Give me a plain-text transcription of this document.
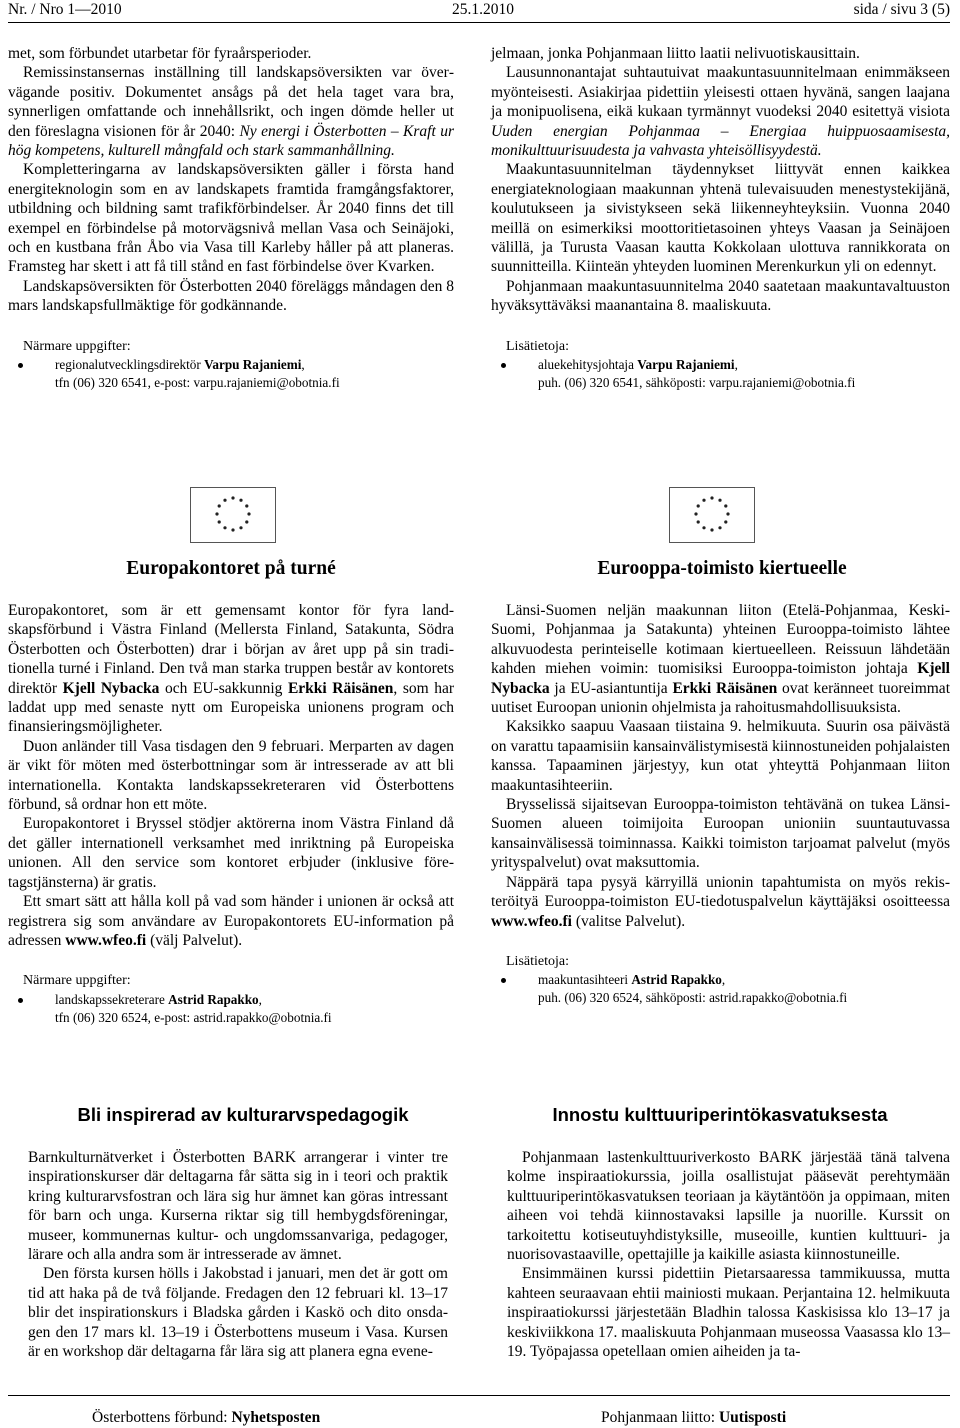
Nr. / Nro 1—2010	25.1.2010	sida / sivu 3 (5)

met, som förbundet utarbetar för fyraårsperioder.

Remissinstansernas inställning till landskapsöversikten var övervägande positiv. Dokumentet ansågs på det hela taget vara bra, synnerligen omfattande och innehållsrikt, och ingen dömde heller ut den föreslagna visionen för år 2040: Ny energi i Österbotten – Kraft ur hög kompetens, kulturell mångfald och stark sammanhållning.

Kompletteringarna av landskapsöversikten gäller i första hand energiteknologin som en av landskapets framtida framgångsfaktorer, utbildning och bildning samt trafikförbindelser. År 2040 finns det till exempel en förbindelse på motorvägsnivå mellan Vasa och Seinäjoki, och en kustbana från Åbo via Vasa till Karleby håller på att planeras. Framsteg har skett i att få till stånd en fast förbindelse över Kvarken.

Landskapsöversikten för Österbotten 2040 föreläggs måndagen den 8 mars landskapsfullmäktige för godkännande.

Närmare uppgifter:

regionalutvecklingsdirektör Varpu Rajaniemi,
tfn (06) 320 6541, e-post: varpu.rajaniemi@obotnia.fi

jelmaan, jonka Pohjanmaan liitto laatii nelivuotiskausittain.

Lausunnonantajat suhtautuivat maakuntasuunnitelmaan enimmäkseen myönteisesti. Asiakirjaa pidettiin yleisesti ottaen hyvänä, sangen laajana ja monipuolisena, eikä kukaan tyrmännyt vuodeksi 2040 esitettyä visiota Uuden energian Pohjanmaa – Energiaa huippuosaamisesta, monikulttuurisuudesta ja vahvasta yhteisöllisyydestä.

Maakuntasuunnitelman täydennykset liittyvät ennen kaikkea energiateknologiaan maakunnan yhtenä tulevaisuuden menestystekijänä, koulutukseen ja sivistykseen sekä liikenneyhteyksiin. Vuonna 2040 meillä on esimerkiksi moottoritietasoinen yhteys Vaasan ja Seinäjoen välillä, ja Turusta Vaasan kautta Kokkolaan ulottuva rannikkorata on suunnitteilla. Kiinteän yhteyden luominen Merenkurkun yli on edennyt.

Pohjanmaan maakuntasuunnitelma 2040 saatetaan maakuntavaltuuston hyväksyttäväksi maanantaina 8. maaliskuuta.

Lisätietoja:

aluekehitysjohtaja Varpu Rajaniemi,
puh. (06) 320 6541, sähköposti: varpu.rajaniemi@obotnia.fi
Europakontoret på turné	Eurooppa-toimisto kiertueelle

Europakontoret, som är ett gemensamt kontor för fyra landskapsförbund i Västra Finland (Mellersta Finland, Satakunta, Södra Österbotten och Österbotten) drar i början av året upp på sin traditionella turné i Finland. Den två man starka truppen består av kontorets direktör Kjell Nybacka och EU-sakkunnig Erkki Räisänen, som har laddat upp med senaste nytt om Europeiska unionens program och finansieringsmöjligheter.

Duon anländer till Vasa tisdagen den 9 februari. Merparten av dagen är vikt för möten med österbottningar som är intresserade av att bli internationella. Kontakta landskapssekreteraren vid Österbottens förbund, så ordnar hon ett möte.

Europakontoret i Bryssel stödjer aktörerna inom Västra Finland då det gäller internationell verksamhet med inriktning på Europeiska unionen. All den service som kontoret erbjuder (inklusive företagstjänsterna) är gratis.

Ett smart sätt att hålla koll på vad som händer i unionen är också att registrera sig som användare av Europakontorets EU-information på adressen www.wfeo.fi (välj Palvelut).

Närmare uppgifter:

landskapssekreterare Astrid Rapakko,
tfn (06) 320 6524, e-post: astrid.rapakko@obotnia.fi

Länsi-Suomen neljän maakunnan liiton (Etelä-Pohjanmaa, Keski-Suomi, Pohjanmaa ja Satakunta) yhteinen Eurooppa-toimisto lähtee alkuvuodesta perinteiselle kotimaan kiertueelleen. Reissuun lähdetään kahden miehen voimin: tuomisiksi Eurooppa-toimiston johtaja Kjell Nybacka ja EU-asiantuntija Erkki Räisänen ovat keränneet tuoreimmat uutiset Euroopan unionin ohjelmista ja rahoitusmahdollisuuksista.

Kaksikko saapuu Vaasaan tiistaina 9. helmikuuta. Suurin osa päivästä on varattu tapaamisiin kansainvälistymisestä kiinnostuneiden pohjalaisten kanssa. Tapaaminen järjestyy, kun otat yhteyttä Pohjanmaan liiton maakuntasihteeriin.

Brysselissä sijaitsevan Eurooppa-toimiston tehtävänä on tukea Länsi-Suomen alueen toimijoita Euroopan unioniin suuntautuvassa kansainvälisessä toiminnassa. Kaikki toimiston tarjoamat palvelut (myös yrityspalvelut) ovat maksuttomia.

Näppärä tapa pysyä kärryillä unionin tapahtumista on myös rekisteröityä Eurooppa-toimiston EU-tiedotuspalvelun käyttäjäksi osoitteessa www.wfeo.fi (valitse Palvelut).

Lisätietoja:

maakuntasihteeri Astrid Rapakko,
puh. (06) 320 6524, sähköposti: astrid.rapakko@obotnia.fi
Bli inspirerad av kulturarvspedagogik	Innostu kulttuuriperintökasvatuksesta

Barnkulturnätverket i Österbotten BARK arrangerar i vinter tre inspirationskurser där deltagarna får sätta sig in i teori och praktik kring kulturarvsfostran och lära sig hur ämnet kan göras intressant för barn och unga. Kurserna riktar sig till hembygdsföreningar, museer, kommunernas kultur- och ungdomssanvariga, pedagoger, lärare och alla andra som är intresserade av ämnet.

Den första kursen hölls i Jakobstad i januari, men det är gott om tid att haka på de två följande. Fredagen den 12 februari kl. 13–17 blir det inspirationskurs i Bladska gården i Kaskö och dito onsdagen den 17 mars kl. 13–19 i Österbottens museum i Vasa. Kursen är en workshop där deltagarna får lära sig att planera egna evene-

Pohjanmaan lastenkulttuuriverkosto BARK järjestää tänä talvena kolme inspiraatiokurssia, joilla osallistujat pääsevät perehtymään kulttuuriperintökasvatuksen teoriaan ja käytäntöön ja oppimaan, miten aiheen voi tehdä kiinnostavaksi lapsille ja nuorille. Kurssit on tarkoitettu kotiseutuyhdistyksille, museoille, kuntien kulttuuri- ja nuorisovastaaville, opettajille ja kaikille asiasta kiinnostuneille.

Ensimmäinen kurssi pidettiin Pietarsaaressa tammikuussa, mutta kahteen seuraavaan ehtii mainiosti mukaan. Perjantaina 12. helmikuuta inspiraatiokurssi järjestetään Bladhin talossa Kaskisissa klo 13–17 ja keskiviikkona 17. maaliskuuta Pohjanmaan museossa Vaasassa klo 13–19. Työpajassa opetellaan omien aiheiden ja ta-

Österbottens förbund: Nyhetsposten	Pohjanmaan liitto: Uutisposti
